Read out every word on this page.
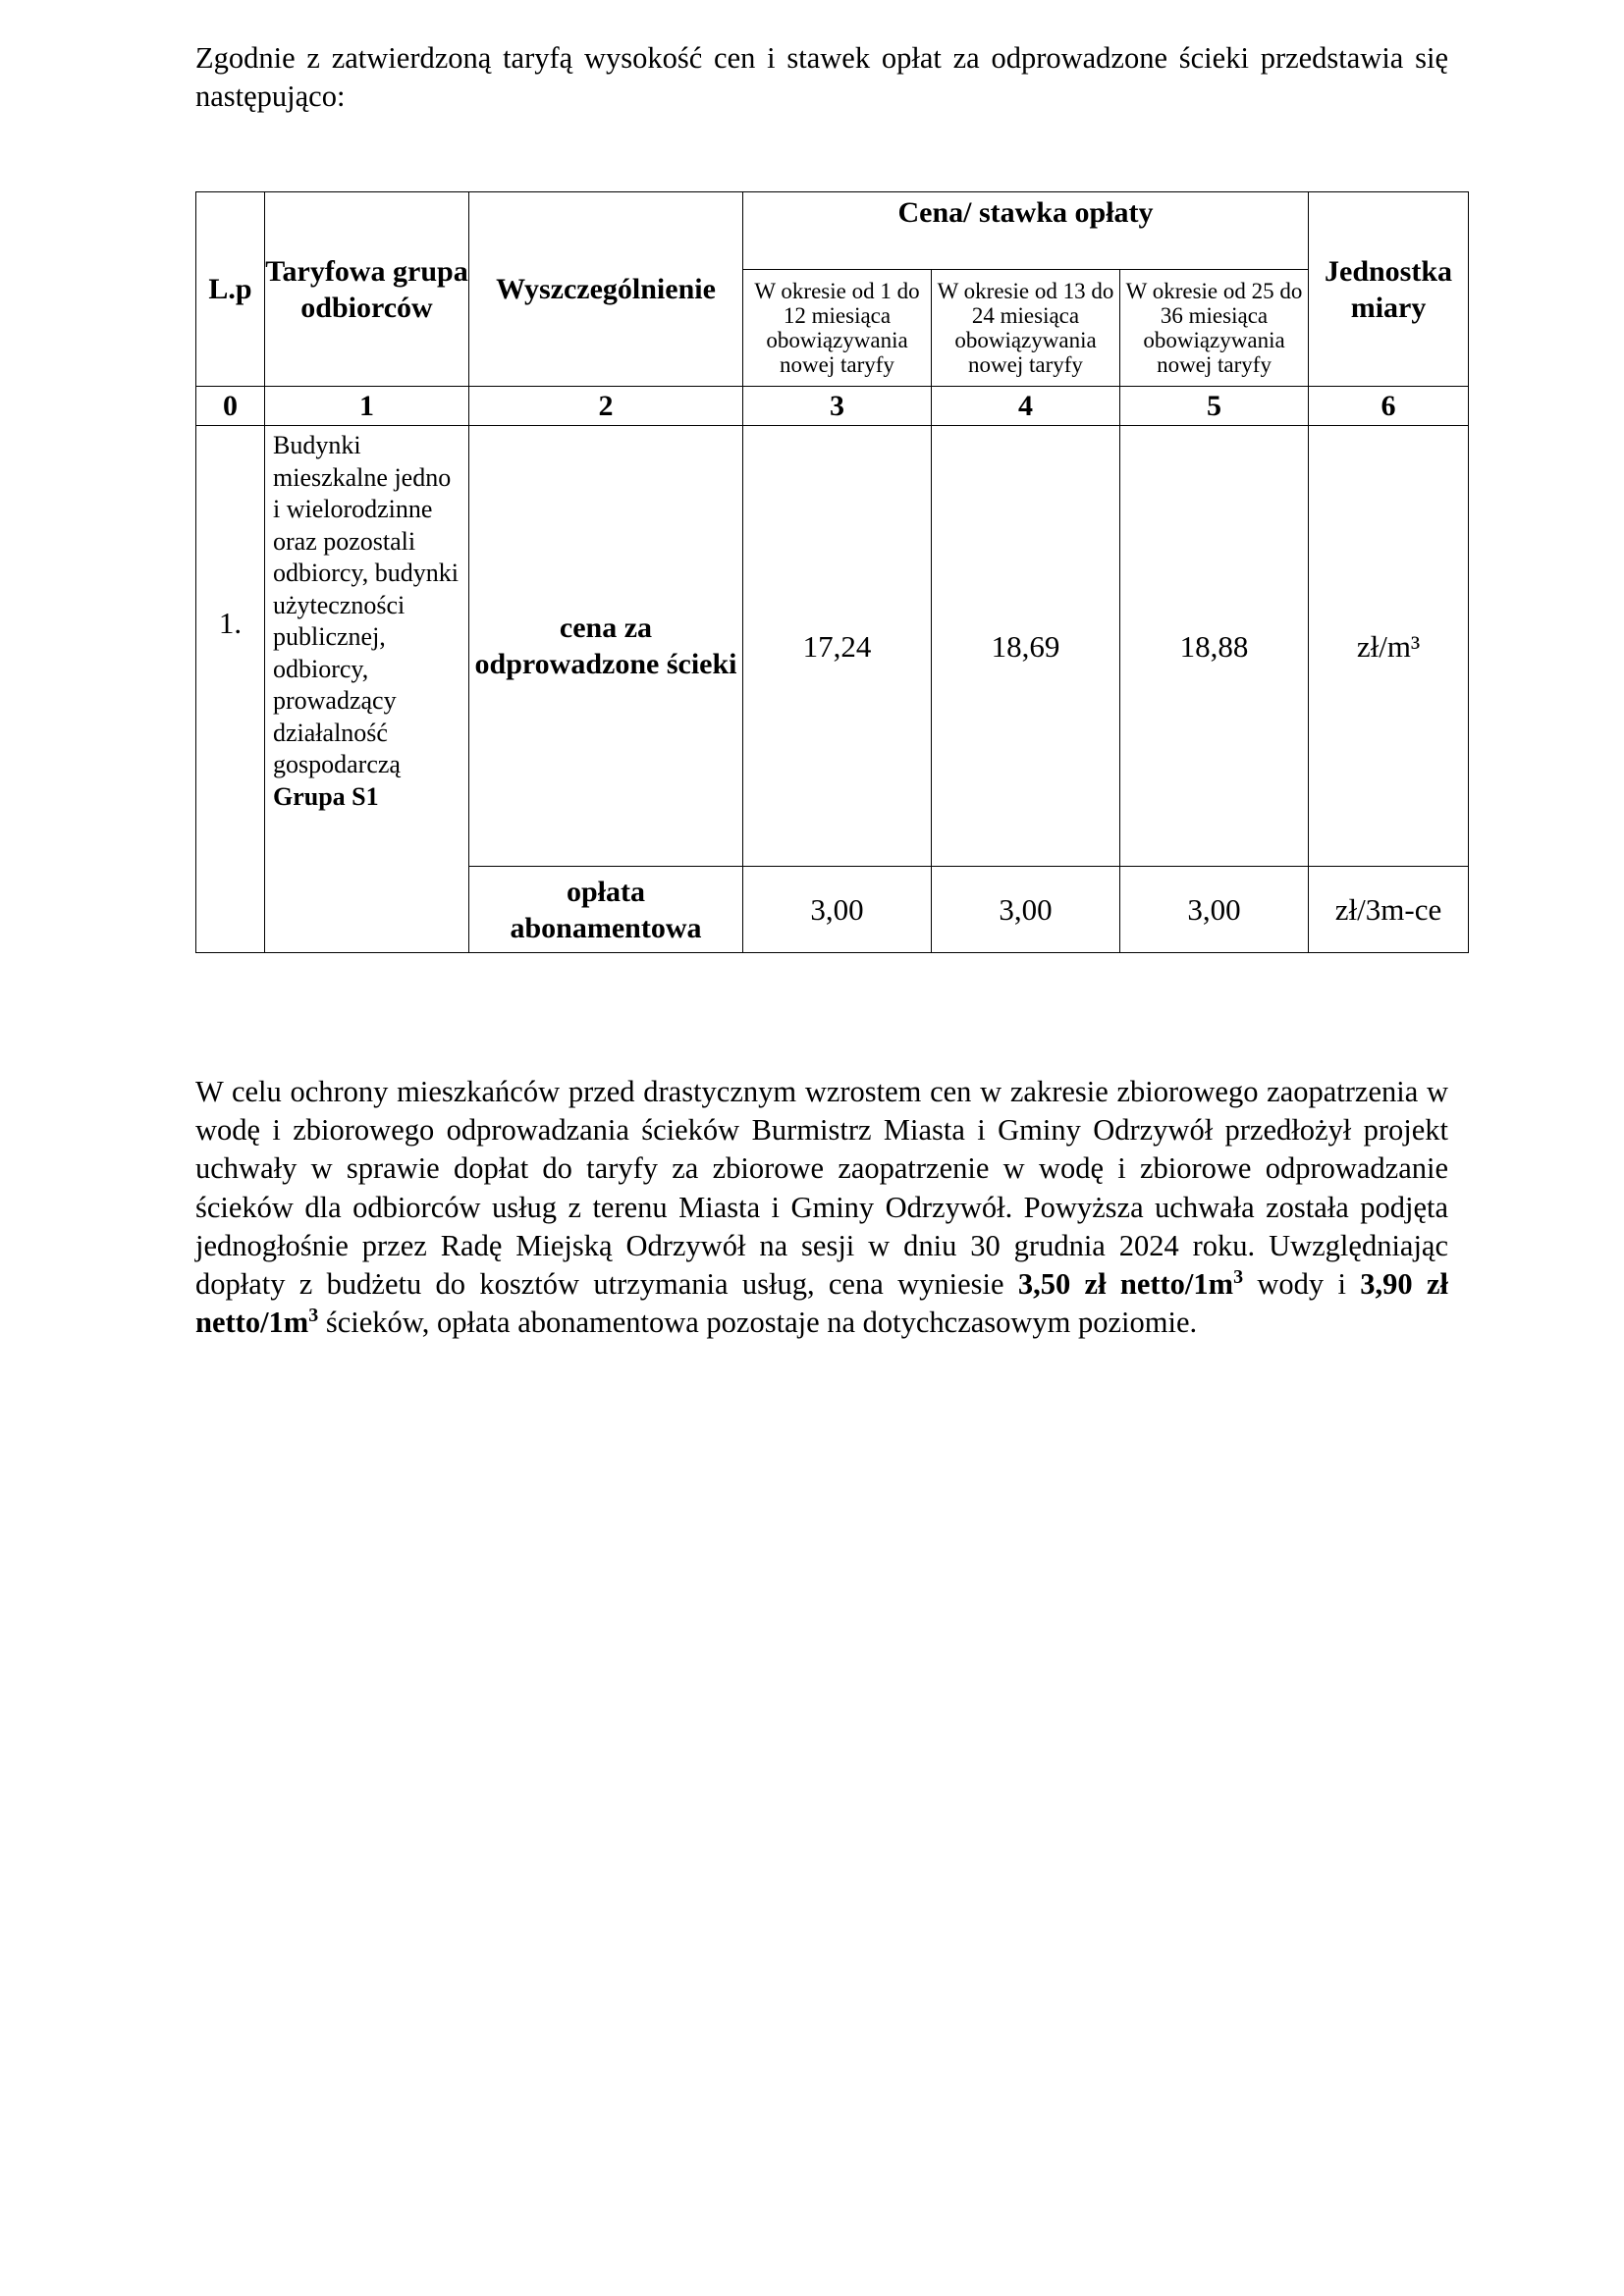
Zgodnie z zatwierdzoną taryfą wysokość cen i stawek opłat za odprowadzone ścieki przedstawia się następująco:

L.p	Taryfowa grupa odbiorców	Wyszczególnienie	Cena/ stawka opłaty			Jednostka miary
			W okresie od 1 do 12 miesiąca obowiązywania nowej taryfy	W okresie od 13 do 24 miesiąca obowiązywania nowej taryfy	W okresie od 25 do 36 miesiąca obowiązywania nowej taryfy	
0	1	2	3	4	5	6
1.	Budynki mieszkalne jedno i wielorodzinne oraz pozostali odbiorcy, budynki użyteczności publicznej, odbiorcy, prowadzący działalność gospodarczą Grupa S1	cena za odprowadzone ścieki	17,24	18,69	18,88	zł/m³
		opłata abonamentowa	3,00	3,00	3,00	zł/3m-ce

W celu ochrony mieszkańców przed drastycznym wzrostem cen w zakresie zbiorowego zaopatrzenia w wodę i zbiorowego odprowadzania ścieków Burmistrz Miasta i Gminy Odrzywół przedłożył projekt uchwały w sprawie dopłat do taryfy za zbiorowe zaopatrzenie w wodę i zbiorowe odprowadzanie ścieków dla odbiorców usług z terenu Miasta i Gminy Odrzywół. Powyższa uchwała została podjęta jednogłośnie przez Radę Miejską Odrzywół na sesji w dniu 30 grudnia 2024 roku. Uwzględniając dopłaty z budżetu do kosztów utrzymania usług, cena wyniesie 3,50 zł netto/$1m^3$ wody i 3,90 zł netto/$1m^3$ ścieków, opłata abonamentowa pozostaje na dotychczasowym poziomie.
